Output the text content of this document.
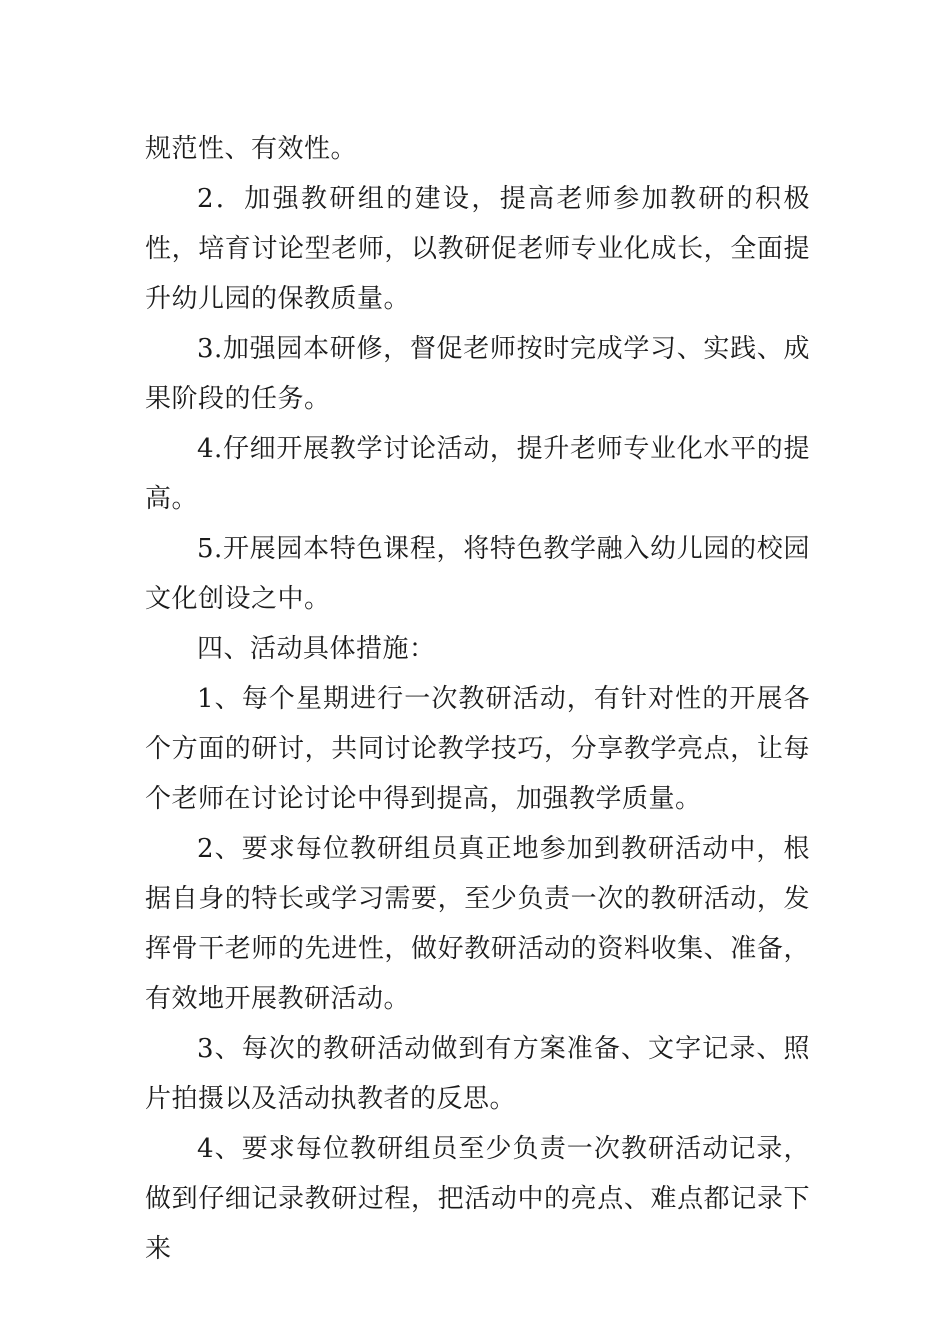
规范性、有效性。

2．加强教研组的建设，提高老师参加教研的积极性，培育讨论型老师，以教研促老师专业化成长，全面提升幼儿园的保教质量。

3.加强园本研修，督促老师按时完成学习、实践、成果阶段的任务。

4.仔细开展教学讨论活动，提升老师专业化水平的提高。

5.开展园本特色课程，将特色教学融入幼儿园的校园文化创设之中。

四、活动具体措施：

1、每个星期进行一次教研活动，有针对性的开展各个方面的研讨，共同讨论教学技巧，分享教学亮点，让每个老师在讨论讨论中得到提高，加强教学质量。

2、要求每位教研组员真正地参加到教研活动中，根据自身的特长或学习需要，至少负责一次的教研活动，发挥骨干老师的先进性，做好教研活动的资料收集、准备，有效地开展教研活动。

3、每次的教研活动做到有方案准备、文字记录、照片拍摄以及活动执教者的反思。

4、要求每位教研组员至少负责一次教研活动记录，做到仔细记录教研过程，把活动中的亮点、难点都记录下来
